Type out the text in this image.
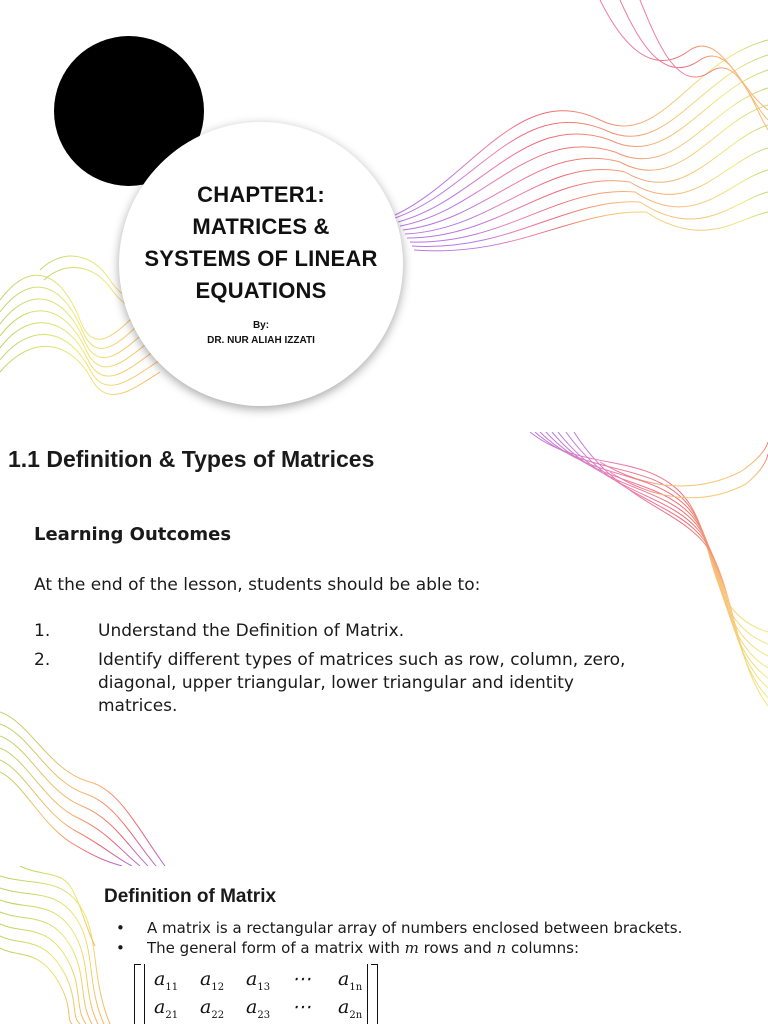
CHAPTER1:
MATRICES &
SYSTEMS OF LINEAR
EQUATIONS
By:
DR. NUR ALIAH IZZATI
1.1 Definition & Types of Matrices
Learning Outcomes

At the end of the lesson, students should be able to:

1.	Understand the Definition of Matrix.
2.	Identify different types of matrices such as row, column, zero, diagonal, upper triangular, lower triangular and identity matrices.
Definition of Matrix
•	A matrix is a rectangular array of numbers enclosed between brackets.
•	The general form of a matrix with m rows and n columns:
$a_{11}$	$a_{12}$	$a_{13}$	⋯	$a_{1n}$
$a_{21}$	$a_{22}$	$a_{23}$	⋯	$a_{2n}$
